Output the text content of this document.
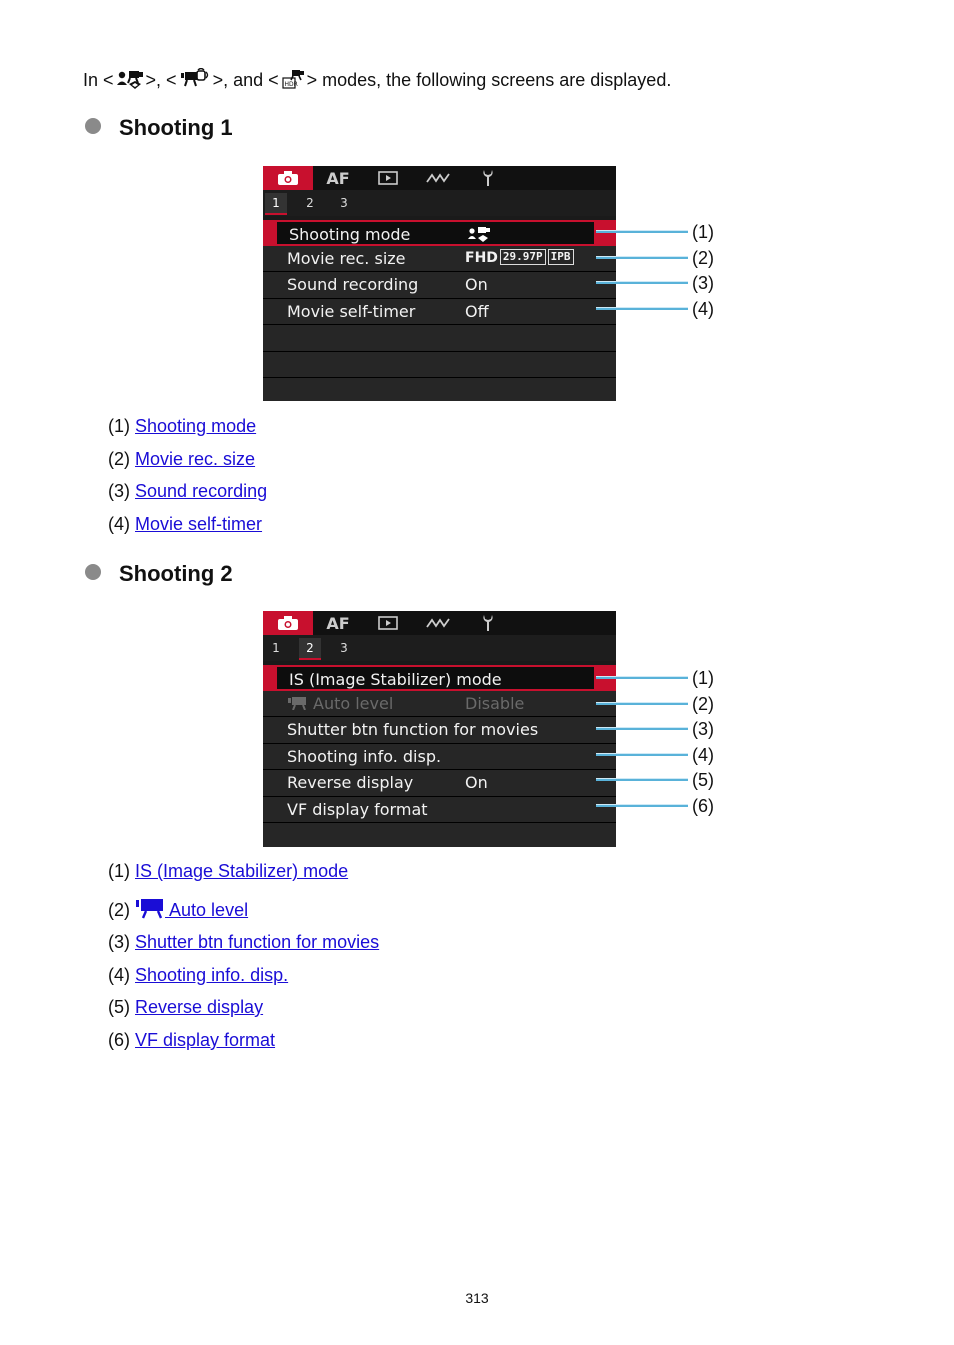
In < >, < >, and < HDR > modes, the following screens are displayed.
Shooting 1
AF
1	2	3
Shooting mode
Movie rec. size	FHD 29.97P IPB
Sound recording	On
Movie self-timer	Off
(1)
(2)
(3)
(4)
(1) Shooting mode
(2) Movie rec. size
(3) Sound recording
(4) Movie self-timer
Shooting 2
AF
1	2	3
IS (Image Stabilizer) mode
Auto level	Disable
Shutter btn function for movies
Shooting info. disp.
Reverse display	On
VF display format
(1)
(2)
(3)
(4)
(5)
(6)
(1) IS (Image Stabilizer) mode
(2)  Auto level
(3) Shutter btn function for movies
(4) Shooting info. disp.
(5) Reverse display
(6) VF display format
313
